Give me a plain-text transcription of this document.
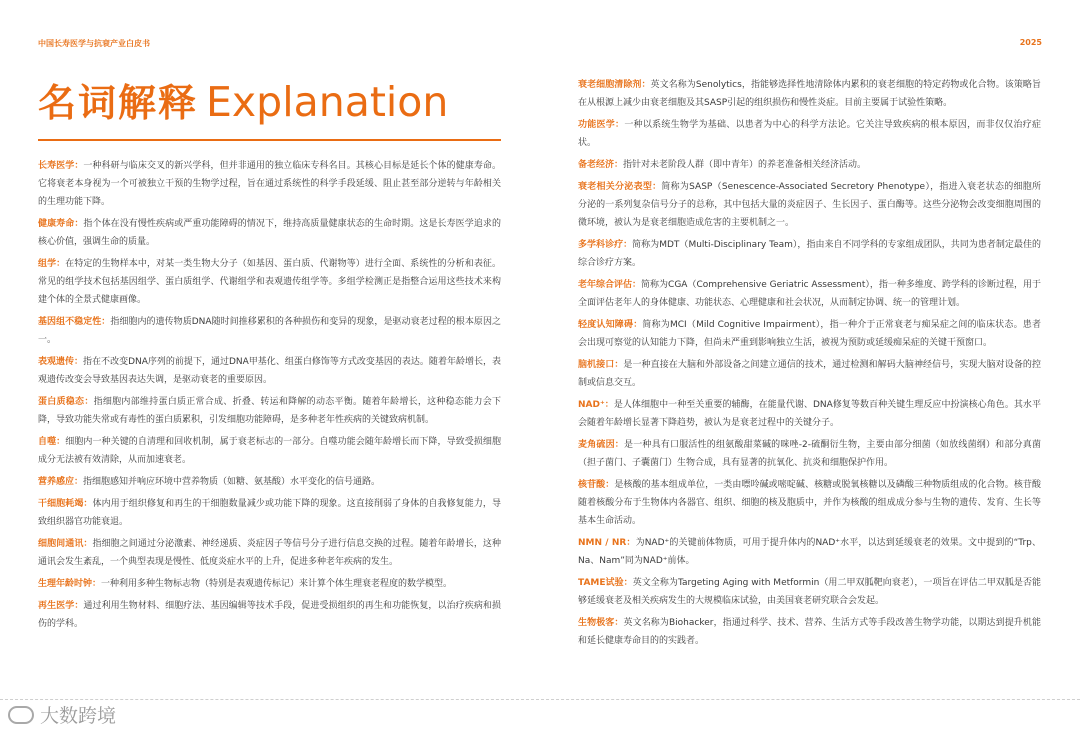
中国长寿医学与抗衰产业白皮书
名词解释 Explanation

长寿医学：一种科研与临床交叉的新兴学科，但并非通用的独立临床专科名目。其核心目标是延长个体的健康寿命。它将衰老本身视为一个可被独立干预的生物学过程，旨在通过系统性的科学手段延缓、阻止甚至部分逆转与年龄相关的生理功能下降。

健康寿命：指个体在没有慢性疾病或严重功能障碍的情况下，维持高质量健康状态的生命时期。这是长寿医学追求的核心价值，强调生命的质量。

组学：在特定的生物样本中，对某一类生物大分子（如基因、蛋白质、代谢物等）进行全面、系统性的分析和表征。常见的组学技术包括基因组学、蛋白质组学、代谢组学和表观遗传组学等。多组学检测正是指整合运用这些技术来构建个体的全景式健康画像。

基因组不稳定性：指细胞内的遗传物质DNA随时间推移累积的各种损伤和变异的现象，是驱动衰老过程的根本原因之一。

表观遗传：指在不改变DNA序列的前提下，通过DNA甲基化、组蛋白修饰等方式改变基因的表达。随着年龄增长，表观遗传改变会导致基因表达失调，是驱动衰老的重要原因。

蛋白质稳态：指细胞内部维持蛋白质正常合成、折叠、转运和降解的动态平衡。随着年龄增长，这种稳态能力会下降，导致功能失常或有毒性的蛋白质累积，引发细胞功能障碍，是多种老年性疾病的关键致病机制。

自噬：细胞内一种关键的自清理和回收机制，属于衰老标志的一部分。自噬功能会随年龄增长而下降，导致受损细胞成分无法被有效清除，从而加速衰老。

营养感应：指细胞感知并响应环境中营养物质（如糖、氨基酸）水平变化的信号通路。

干细胞耗竭：体内用于组织修复和再生的干细胞数量减少或功能下降的现象。这直接削弱了身体的自我修复能力，导致组织器官功能衰退。

细胞间通讯：指细胞之间通过分泌激素、神经递质、炎症因子等信号分子进行信息交换的过程。随着年龄增长，这种通讯会发生紊乱，一个典型表现是慢性、低度炎症水平的上升，促进多种老年疾病的发生。

生理年龄时钟：一种利用多种生物标志物（特别是表观遗传标记）来计算个体生理衰老程度的数学模型。

再生医学：通过利用生物材料、细胞疗法、基因编辑等技术手段，促进受损组织的再生和功能恢复，以治疗疾病和损伤的学科。

2025

衰老细胞清除剂：英文名称为Senolytics，指能够选择性地清除体内累积的衰老细胞的特定药物或化合物。该策略旨在从根源上减少由衰老细胞及其SASP引起的组织损伤和慢性炎症。目前主要属于试验性策略。

功能医学：一种以系统生物学为基础、以患者为中心的科学方法论。它关注导致疾病的根本原因，而非仅仅治疗症状。

备老经济：指针对未老阶段人群（即中青年）的养老准备相关经济活动。

衰老相关分泌表型：简称为SASP（Senescence-Associated Secretory Phenotype），指进入衰老状态的细胞所分泌的一系列复杂信号分子的总称，其中包括大量的炎症因子、生长因子、蛋白酶等。这些分泌物会改变细胞周围的微环境，被认为是衰老细胞造成危害的主要机制之一。

多学科诊疗：简称为MDT（Multi-Disciplinary Team），指由来自不同学科的专家组成团队，共同为患者制定最佳的综合诊疗方案。

老年综合评估：简称为CGA（Comprehensive Geriatric Assessment），指一种多维度、跨学科的诊断过程，用于全面评估老年人的身体健康、功能状态、心理健康和社会状况，从而制定协调、统一的管理计划。

轻度认知障碍：简称为MCI（Mild Cognitive Impairment），指一种介于正常衰老与痴呆症之间的临床状态。患者会出现可察觉的认知能力下降，但尚未严重到影响独立生活，被视为预防或延缓痴呆症的关键干预窗口。

脑机接口：是一种直接在大脑和外部设备之间建立通信的技术，通过检测和解码大脑神经信号，实现大脑对设备的控制或信息交互。

NAD⁺：是人体细胞中一种至关重要的辅酶，在能量代谢、DNA修复等数百种关键生理反应中扮演核心角色。其水平会随着年龄增长显著下降趋势，被认为是衰老过程中的关键分子。

麦角硫因：是一种具有口服活性的组氨酸甜菜碱的咪唑-2-硫酮衍生物，主要由部分细菌（如放线菌纲）和部分真菌（担子菌门、子囊菌门）生物合成，具有显著的抗氧化、抗炎和细胞保护作用。

核苷酸：是核酸的基本组成单位，一类由嘌呤碱或嘧啶碱、核糖或脱氧核糖以及磷酸三种物质组成的化合物。核苷酸随着核酸分布于生物体内各器官、组织、细胞的核及胞质中，并作为核酸的组成成分参与生物的遗传、发育、生长等基本生命活动。

NMN / NR：为NAD⁺的关键前体物质，可用于提升体内的NAD⁺水平，以达到延缓衰老的效果。文中提到的“Trp、Na、Nam”同为NAD⁺前体。

TAME试验：英文全称为Targeting Aging with Metformin（用二甲双胍靶向衰老），一项旨在评估二甲双胍是否能够延缓衰老及相关疾病发生的大规模临床试验，由美国衰老研究联合会发起。

生物极客：英文名称为Biohacker，指通过科学、技术、营养、生活方式等手段改善生物学功能，以期达到提升机能和延长健康寿命目的的实践者。

大数跨境
